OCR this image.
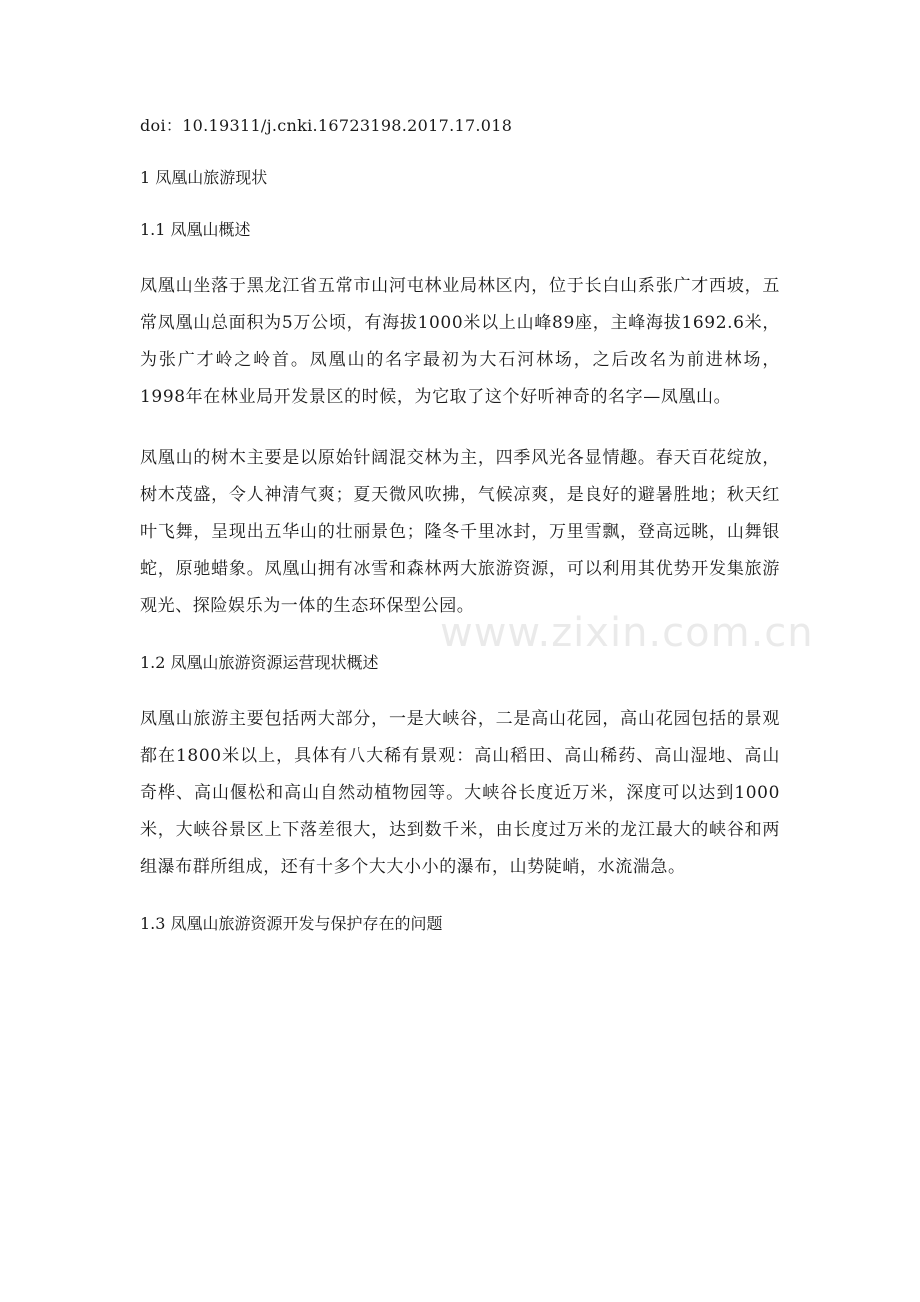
doi：10.19311/j.cnki.16723198.2017.17.018

1 凤凰山旅游现状

1.1 凤凰山概述

凤凰山坐落于黑龙江省五常市山河屯林业局林区内，位于长白山系张广才西坡，五常凤凰山总面积为5万公顷，有海拔1000米以上山峰89座，主峰海拔1692.6米，为张广才岭之岭首。凤凰山的名字最初为大石河林场，之后改名为前进林场，1998年在林业局开发景区的时候，为它取了这个好听神奇的名字—凤凰山。

凤凰山的树木主要是以原始针阔混交林为主，四季风光各显情趣。春天百花绽放，树木茂盛，令人神清气爽；夏天微风吹拂，气候凉爽，是良好的避暑胜地；秋天红叶飞舞，呈现出五华山的壮丽景色；隆冬千里冰封，万里雪飘，登高远眺，山舞银蛇，原驰蜡象。凤凰山拥有冰雪和森林两大旅游资源，可以利用其优势开发集旅游观光、探险娱乐为一体的生态环保型公园。

1.2 凤凰山旅游资源运营现状概述

凤凰山旅游主要包括两大部分，一是大峡谷，二是高山花园，高山花园包括的景观都在1800米以上，具体有八大稀有景观：高山稻田、高山稀药、高山湿地、高山奇桦、高山偃松和高山自然动植物园等。大峡谷长度近万米，深度可以达到1000米，大峡谷景区上下落差很大，达到数千米，由长度过万米的龙江最大的峡谷和两组瀑布群所组成，还有十多个大大小小的瀑布，山势陡峭，水流湍急。

1.3 凤凰山旅游资源开发与保护存在的问题

www.zixin.com.cn
